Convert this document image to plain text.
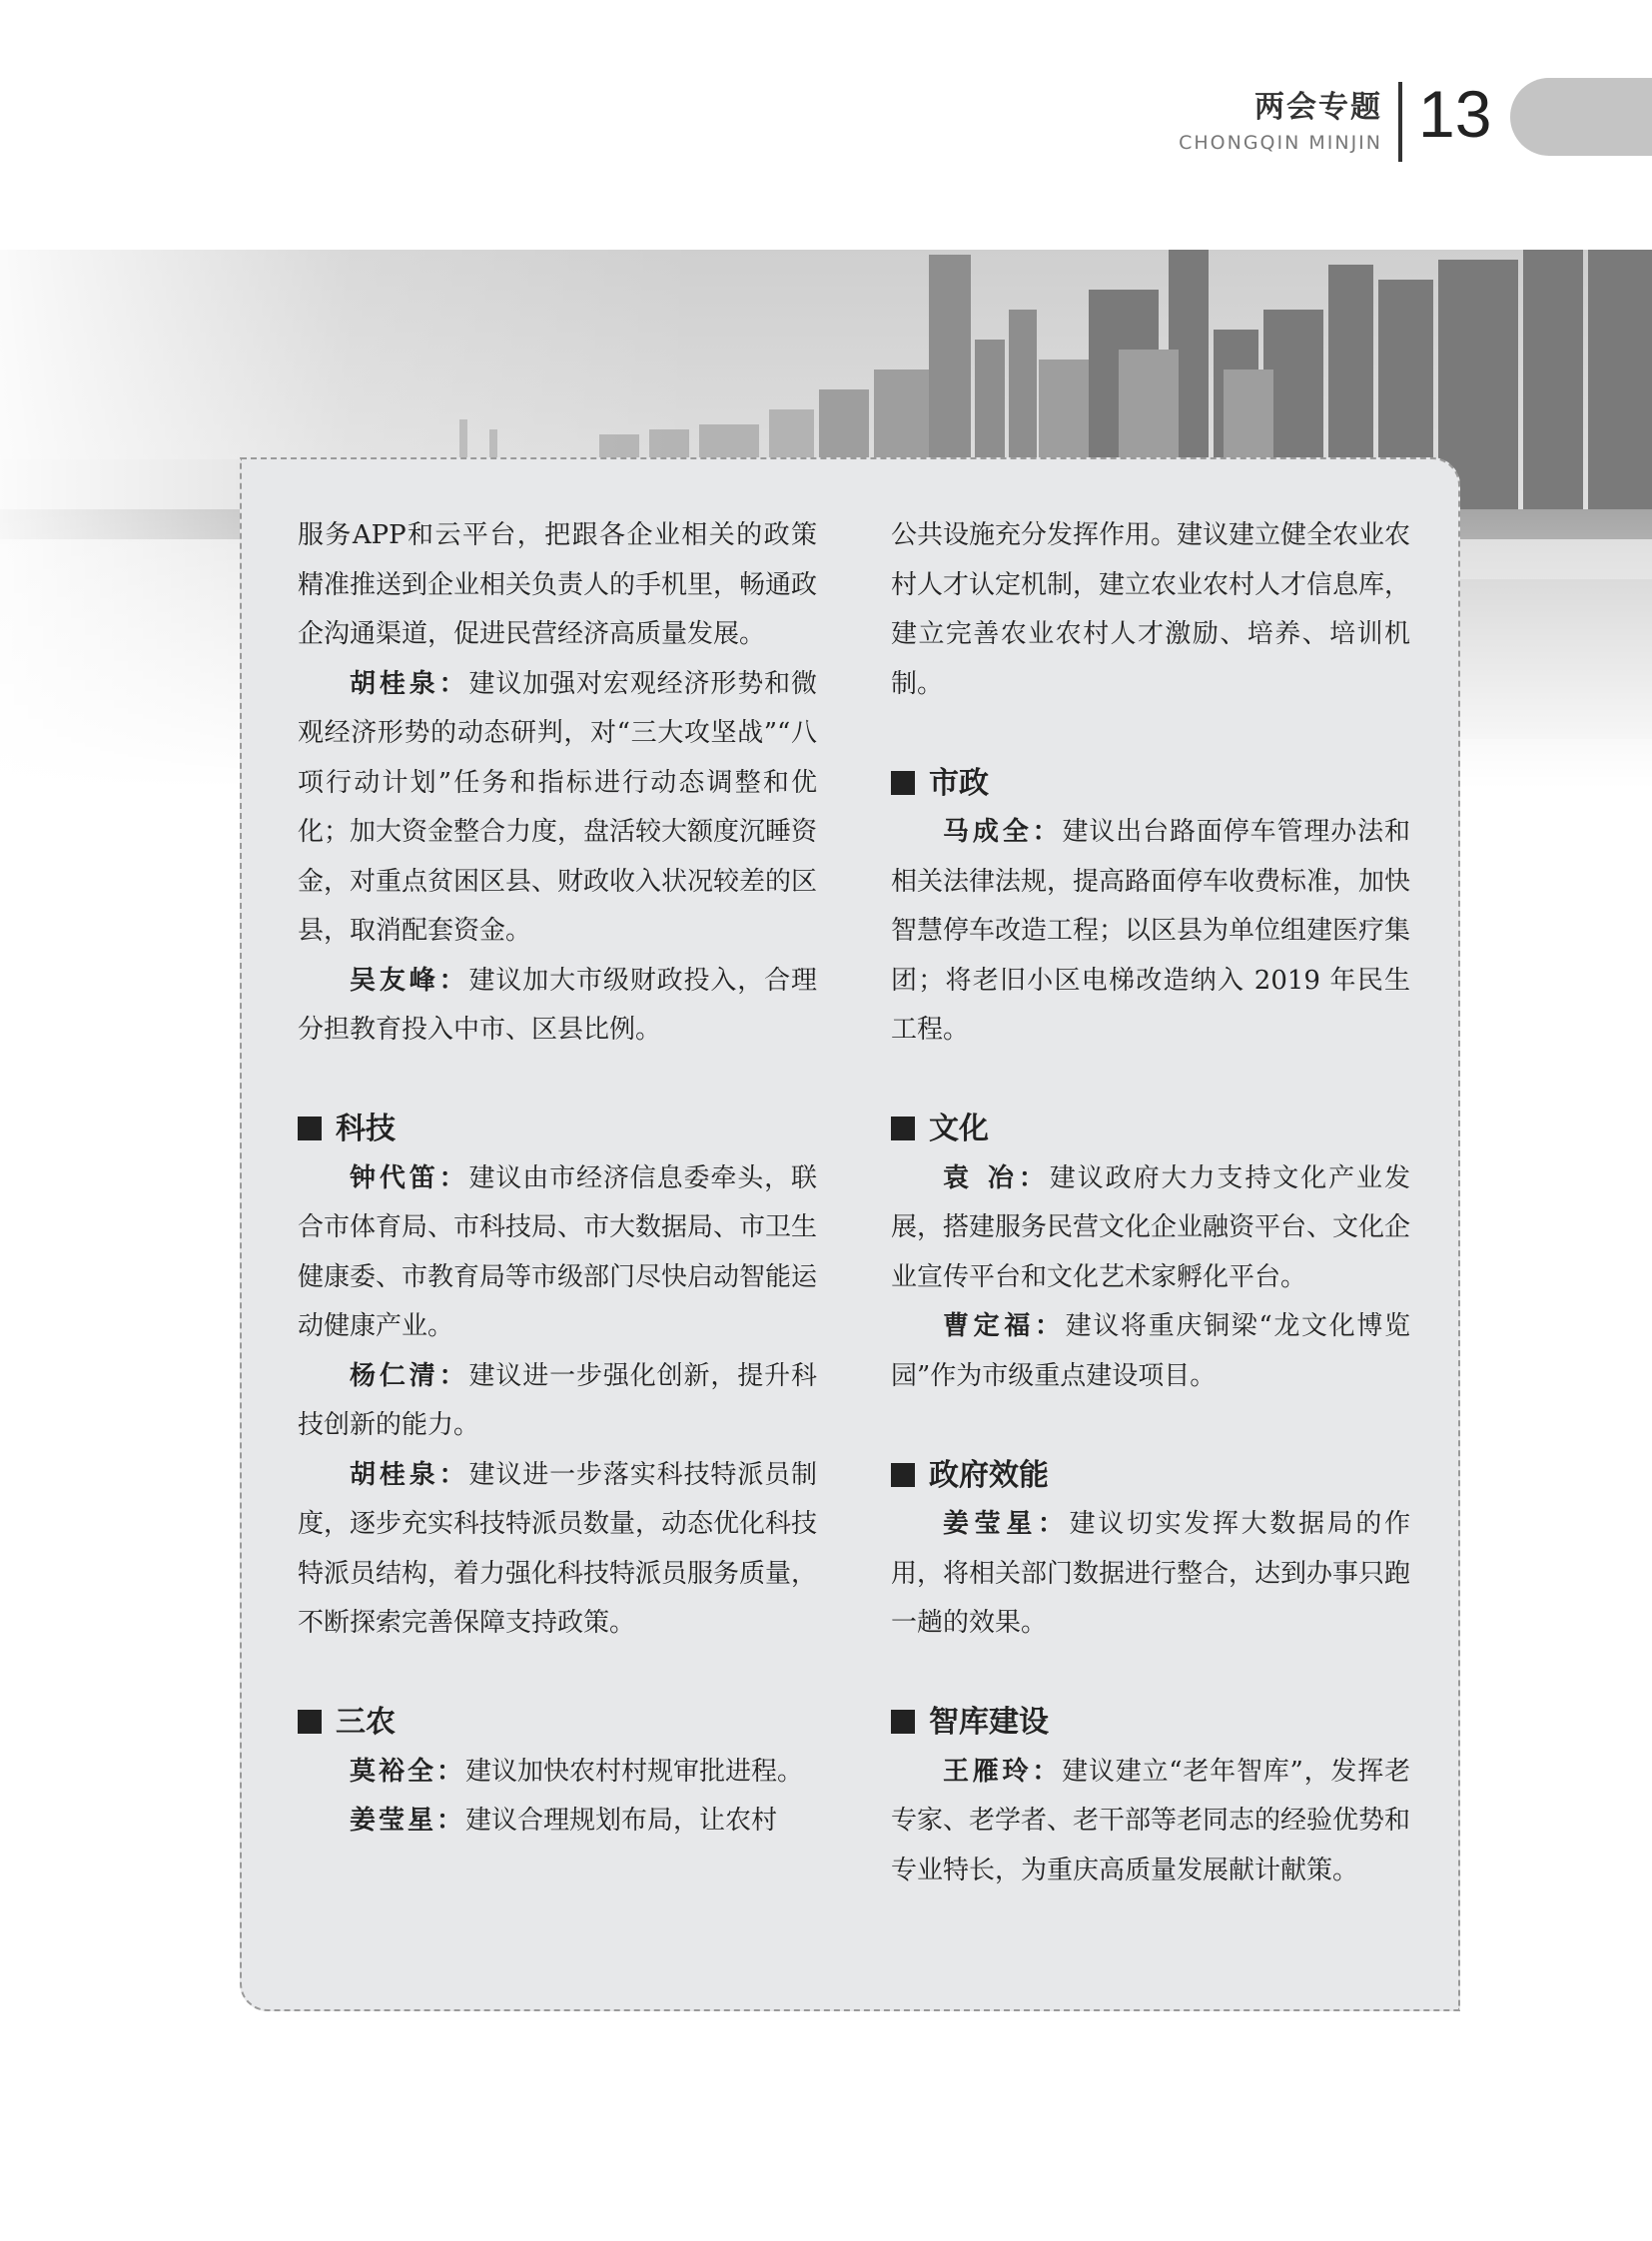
两会专题
CHONGQIN MINJIN 13

服务APP和云平台，把跟各企业相关的政策精准推送到企业相关负责人的手机里，畅通政企沟通渠道，促进民营经济高质量发展。

胡桂泉：建议加强对宏观经济形势和微观经济形势的动态研判，对“三大攻坚战”“八项行动计划”任务和指标进行动态调整和优化；加大资金整合力度，盘活较大额度沉睡资金，对重点贫困区县、财政收入状况较差的区县，取消配套资金。

吴友峰：建议加大市级财政投入，合理分担教育投入中市、区县比例。

科技

钟代笛：建议由市经济信息委牵头，联合市体育局、市科技局、市大数据局、市卫生健康委、市教育局等市级部门尽快启动智能运动健康产业。

杨仁清：建议进一步强化创新，提升科技创新的能力。

胡桂泉：建议进一步落实科技特派员制度，逐步充实科技特派员数量，动态优化科技特派员结构，着力强化科技特派员服务质量，不断探索完善保障支持政策。

三农

莫裕全：建议加快农村村规审批进程。

姜莹星：建议合理规划布局，让农村

公共设施充分发挥作用。建议建立健全农业农村人才认定机制，建立农业农村人才信息库，建立完善农业农村人才激励、培养、培训机制。

市政

马成全：建议出台路面停车管理办法和相关法律法规，提高路面停车收费标准，加快智慧停车改造工程；以区县为单位组建医疗集团；将老旧小区电梯改造纳入 2019 年民生工程。

文化

袁 冶：建议政府大力支持文化产业发展，搭建服务民营文化企业融资平台、文化企业宣传平台和文化艺术家孵化平台。

曹定福：建议将重庆铜梁“龙文化博览园”作为市级重点建设项目。

政府效能

姜莹星：建议切实发挥大数据局的作用，将相关部门数据进行整合，达到办事只跑一趟的效果。

智库建设

王雁玲：建议建立“老年智库”，发挥老专家、老学者、老干部等老同志的经验优势和专业特长，为重庆高质量发展献计献策。
